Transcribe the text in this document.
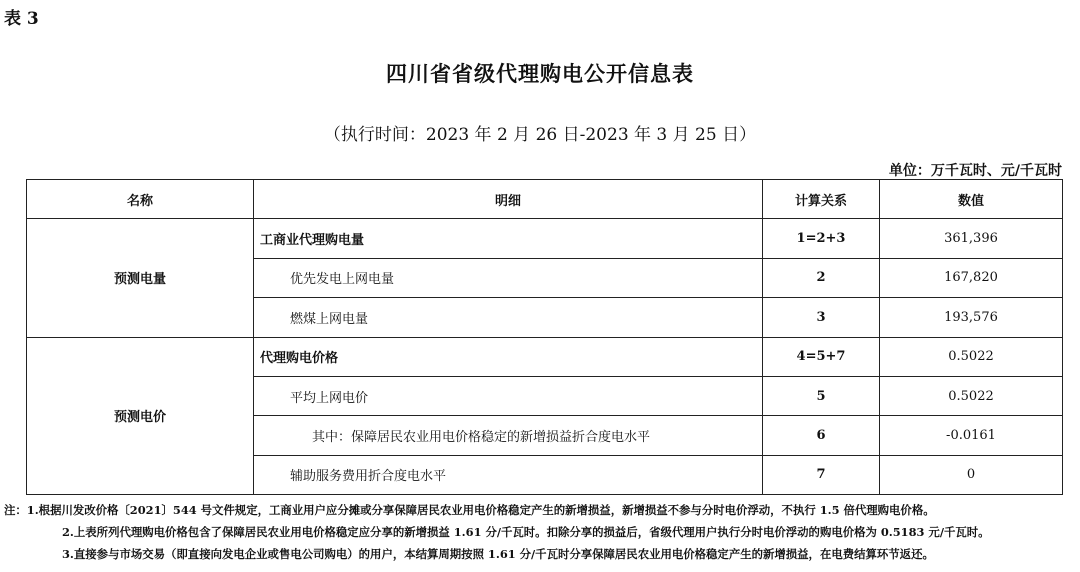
表 3
四川省省级代理购电公开信息表
（执行时间：2023 年 2 月 26 日-2023 年 3 月 25 日）
单位：万千瓦时、元/千瓦时
名称	明细	计算关系	数值
预测电量	工商业代理购电量	1=2+3	361,396
	优先发电上网电量	2	167,820
	燃煤上网电量	3	193,576
预测电价	代理购电价格	4=5+7	0.5022
	平均上网电价	5	0.5022
	其中：保障居民农业用电价格稳定的新增损益折合度电水平	6	-0.0161
	辅助服务费用折合度电水平	7	0
注：1.根据川发改价格〔2021〕544 号文件规定，工商业用户应分摊或分享保障居民农业用电价格稳定产生的新增损益，新增损益不参与分时电价浮动，不执行 1.5 倍代理购电价格。
2.上表所列代理购电价格包含了保障居民农业用电价格稳定应分享的新增损益 1.61 分/千瓦时。扣除分享的损益后，省级代理用户执行分时电价浮动的购电价格为 0.5183 元/千瓦时。
3.直接参与市场交易（即直接向发电企业或售电公司购电）的用户，本结算周期按照 1.61 分/千瓦时分享保障居民农业用电价格稳定产生的新增损益，在电费结算环节返还。
